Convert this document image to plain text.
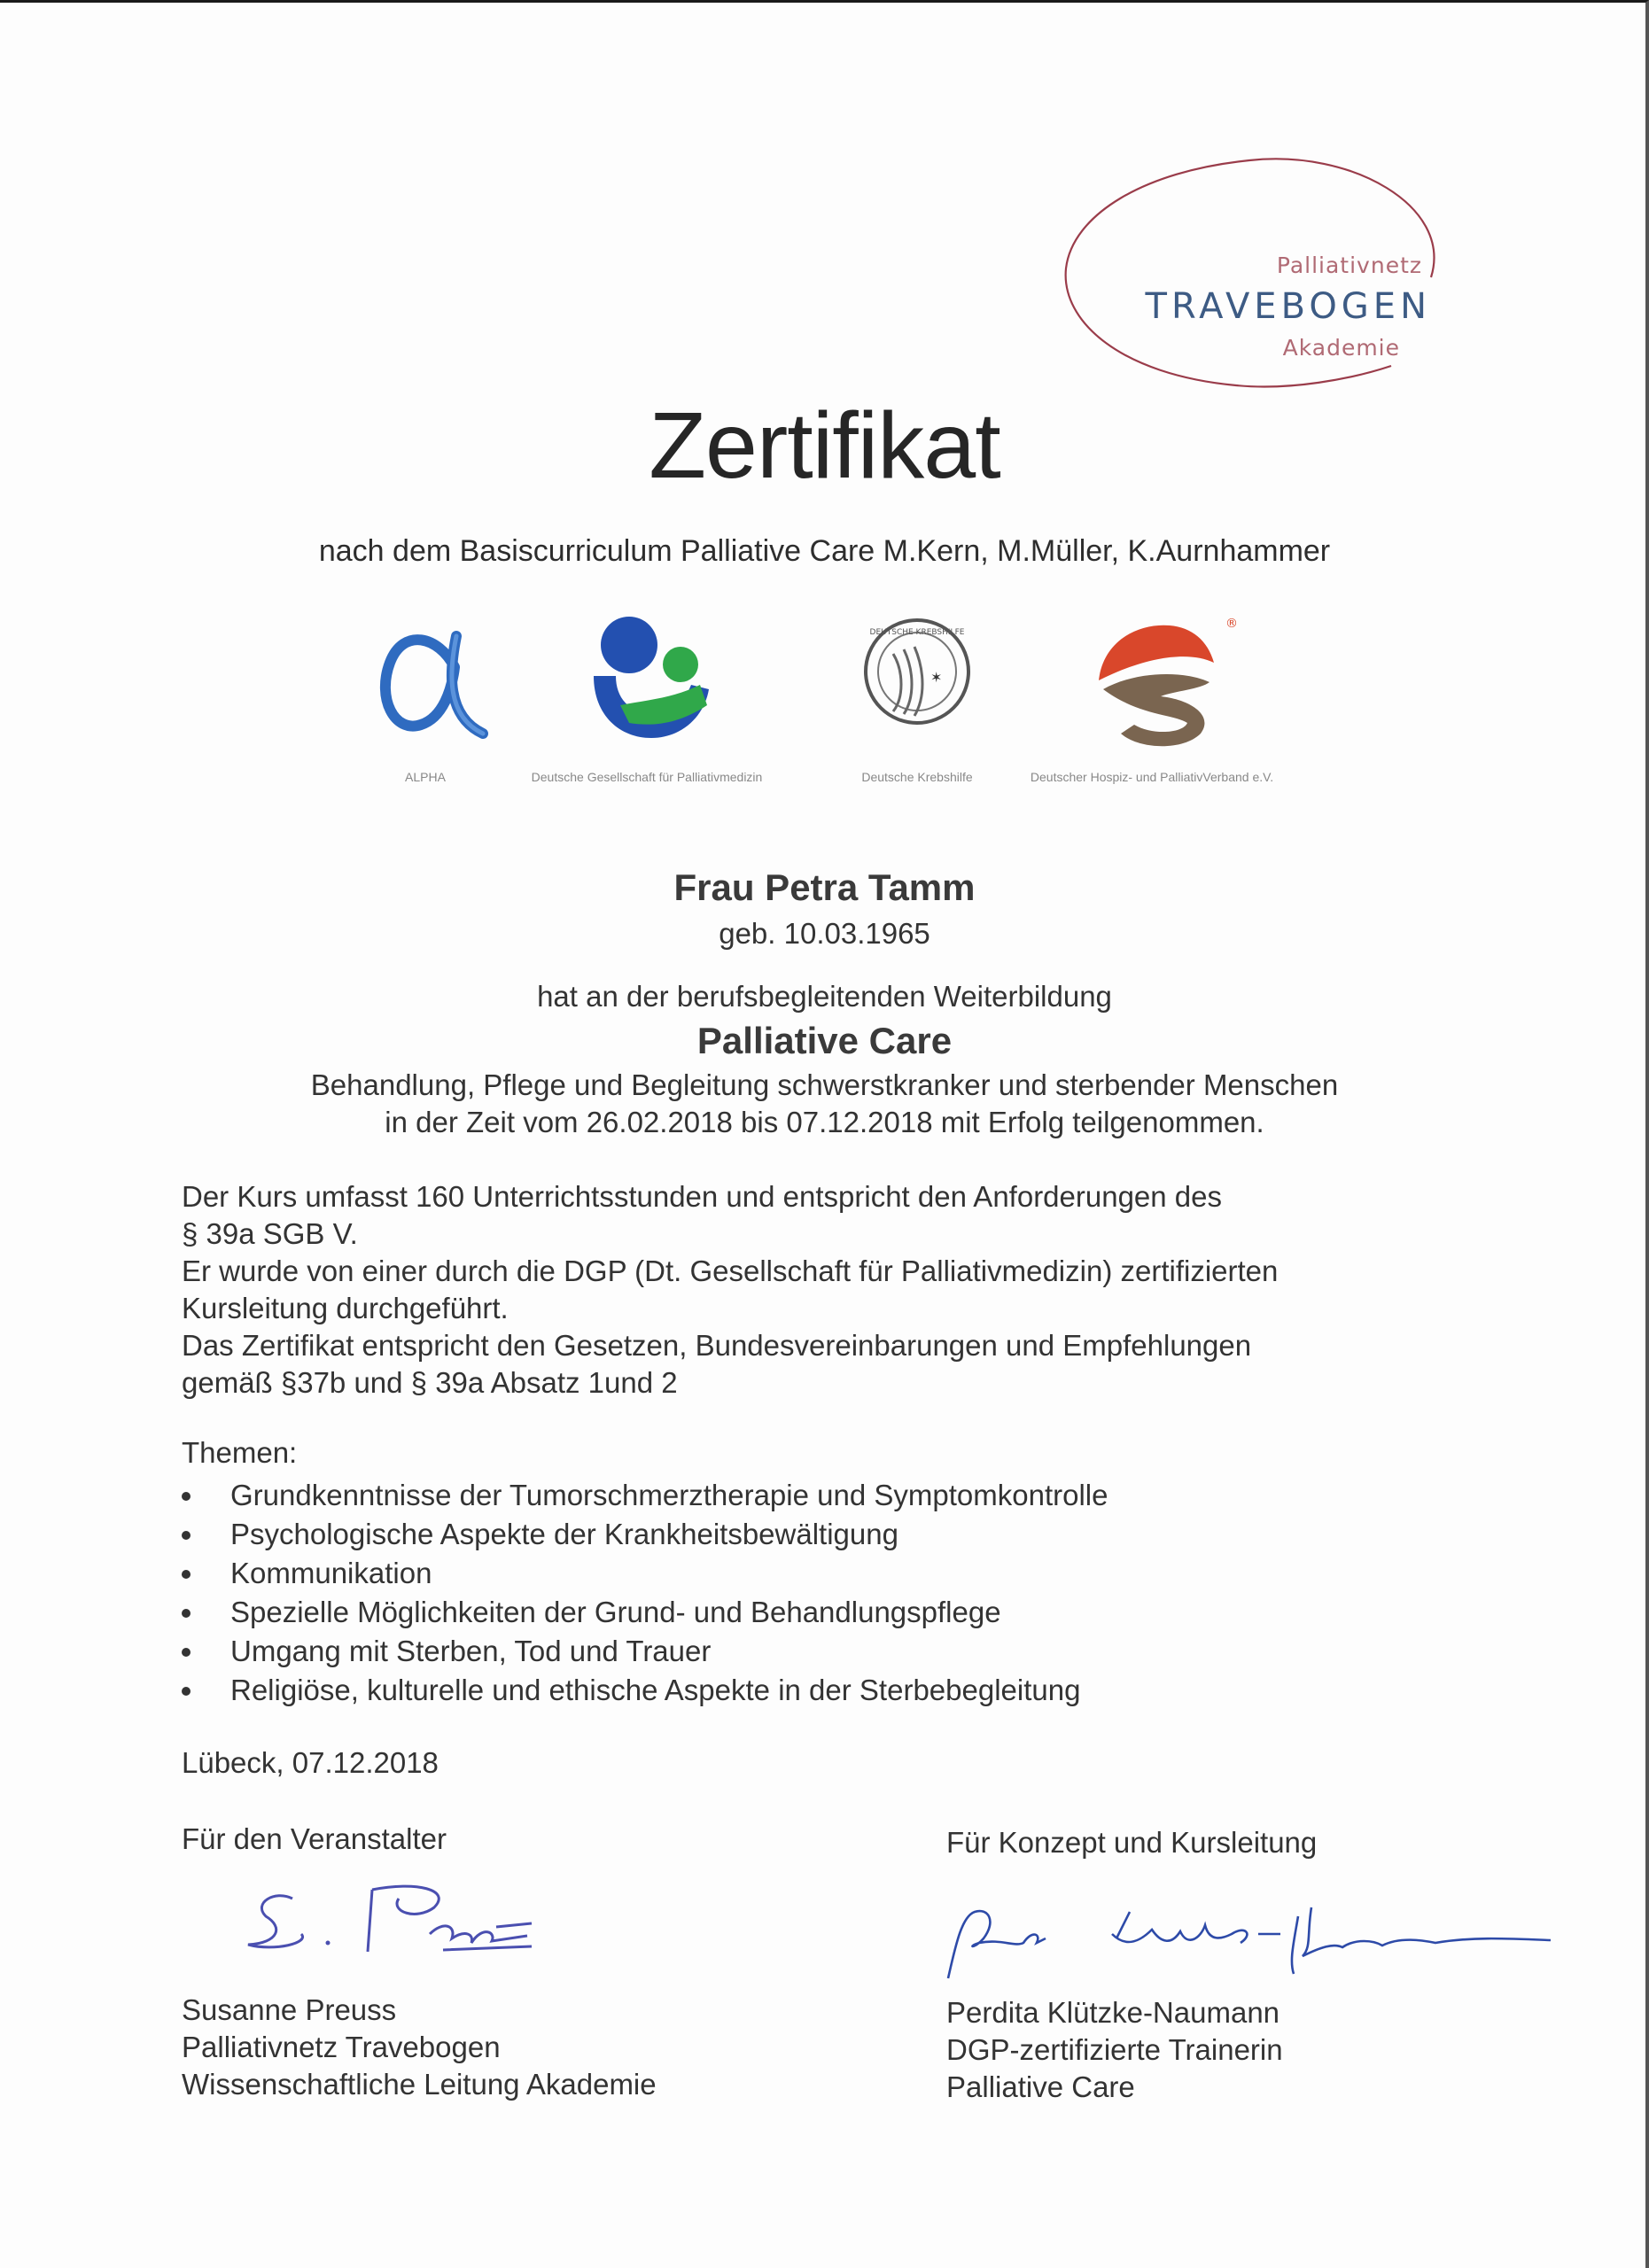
Palliativnetz
TRAVEBOGEN
Akademie
Zertifikat
nach dem Basiscurriculum Palliative Care M.Kern, M.Müller, K.Aurnhammer
ALPHA	Deutsche Gesellschaft für Palliativmedizin
DEUTSCHE KREBSHILFE
✶
Deutsche Krebshilfe
®
Deutscher Hospiz- und PalliativVerband e.V.
Frau Petra Tamm
geb. 10.03.1965
hat an der berufsbegleitenden Weiterbildung
Palliative Care
Behandlung, Pflege und Begleitung schwerstkranker und sterbender Menschen
in der Zeit vom 26.02.2018 bis 07.12.2018 mit Erfolg teilgenommen.
Der Kurs umfasst 160 Unterrichtsstunden und entspricht den Anforderungen des
§ 39a SGB V.
Er wurde von einer durch die DGP (Dt. Gesellschaft für Palliativmedizin) zertifizierten
Kursleitung durchgeführt.
Das Zertifikat entspricht den Gesetzen, Bundesvereinbarungen und Empfehlungen
gemäß §37b und § 39a Absatz 1und 2
Themen:
Grundkenntnisse der Tumorschmerztherapie und Symptomkontrolle
Psychologische Aspekte der Krankheitsbewältigung
Kommunikation
Spezielle Möglichkeiten der Grund- und Behandlungspflege
Umgang mit Sterben, Tod und Trauer
Religiöse, kulturelle und ethische Aspekte in der Sterbebegleitung
Lübeck, 07.12.2018
Für den Veranstalter	Für Konzept und Kursleitung
Susanne Preuss
Palliativnetz Travebogen
Wissenschaftliche Leitung Akademie
Perdita Klützke-Naumann
DGP-zertifizierte Trainerin
Palliative Care
